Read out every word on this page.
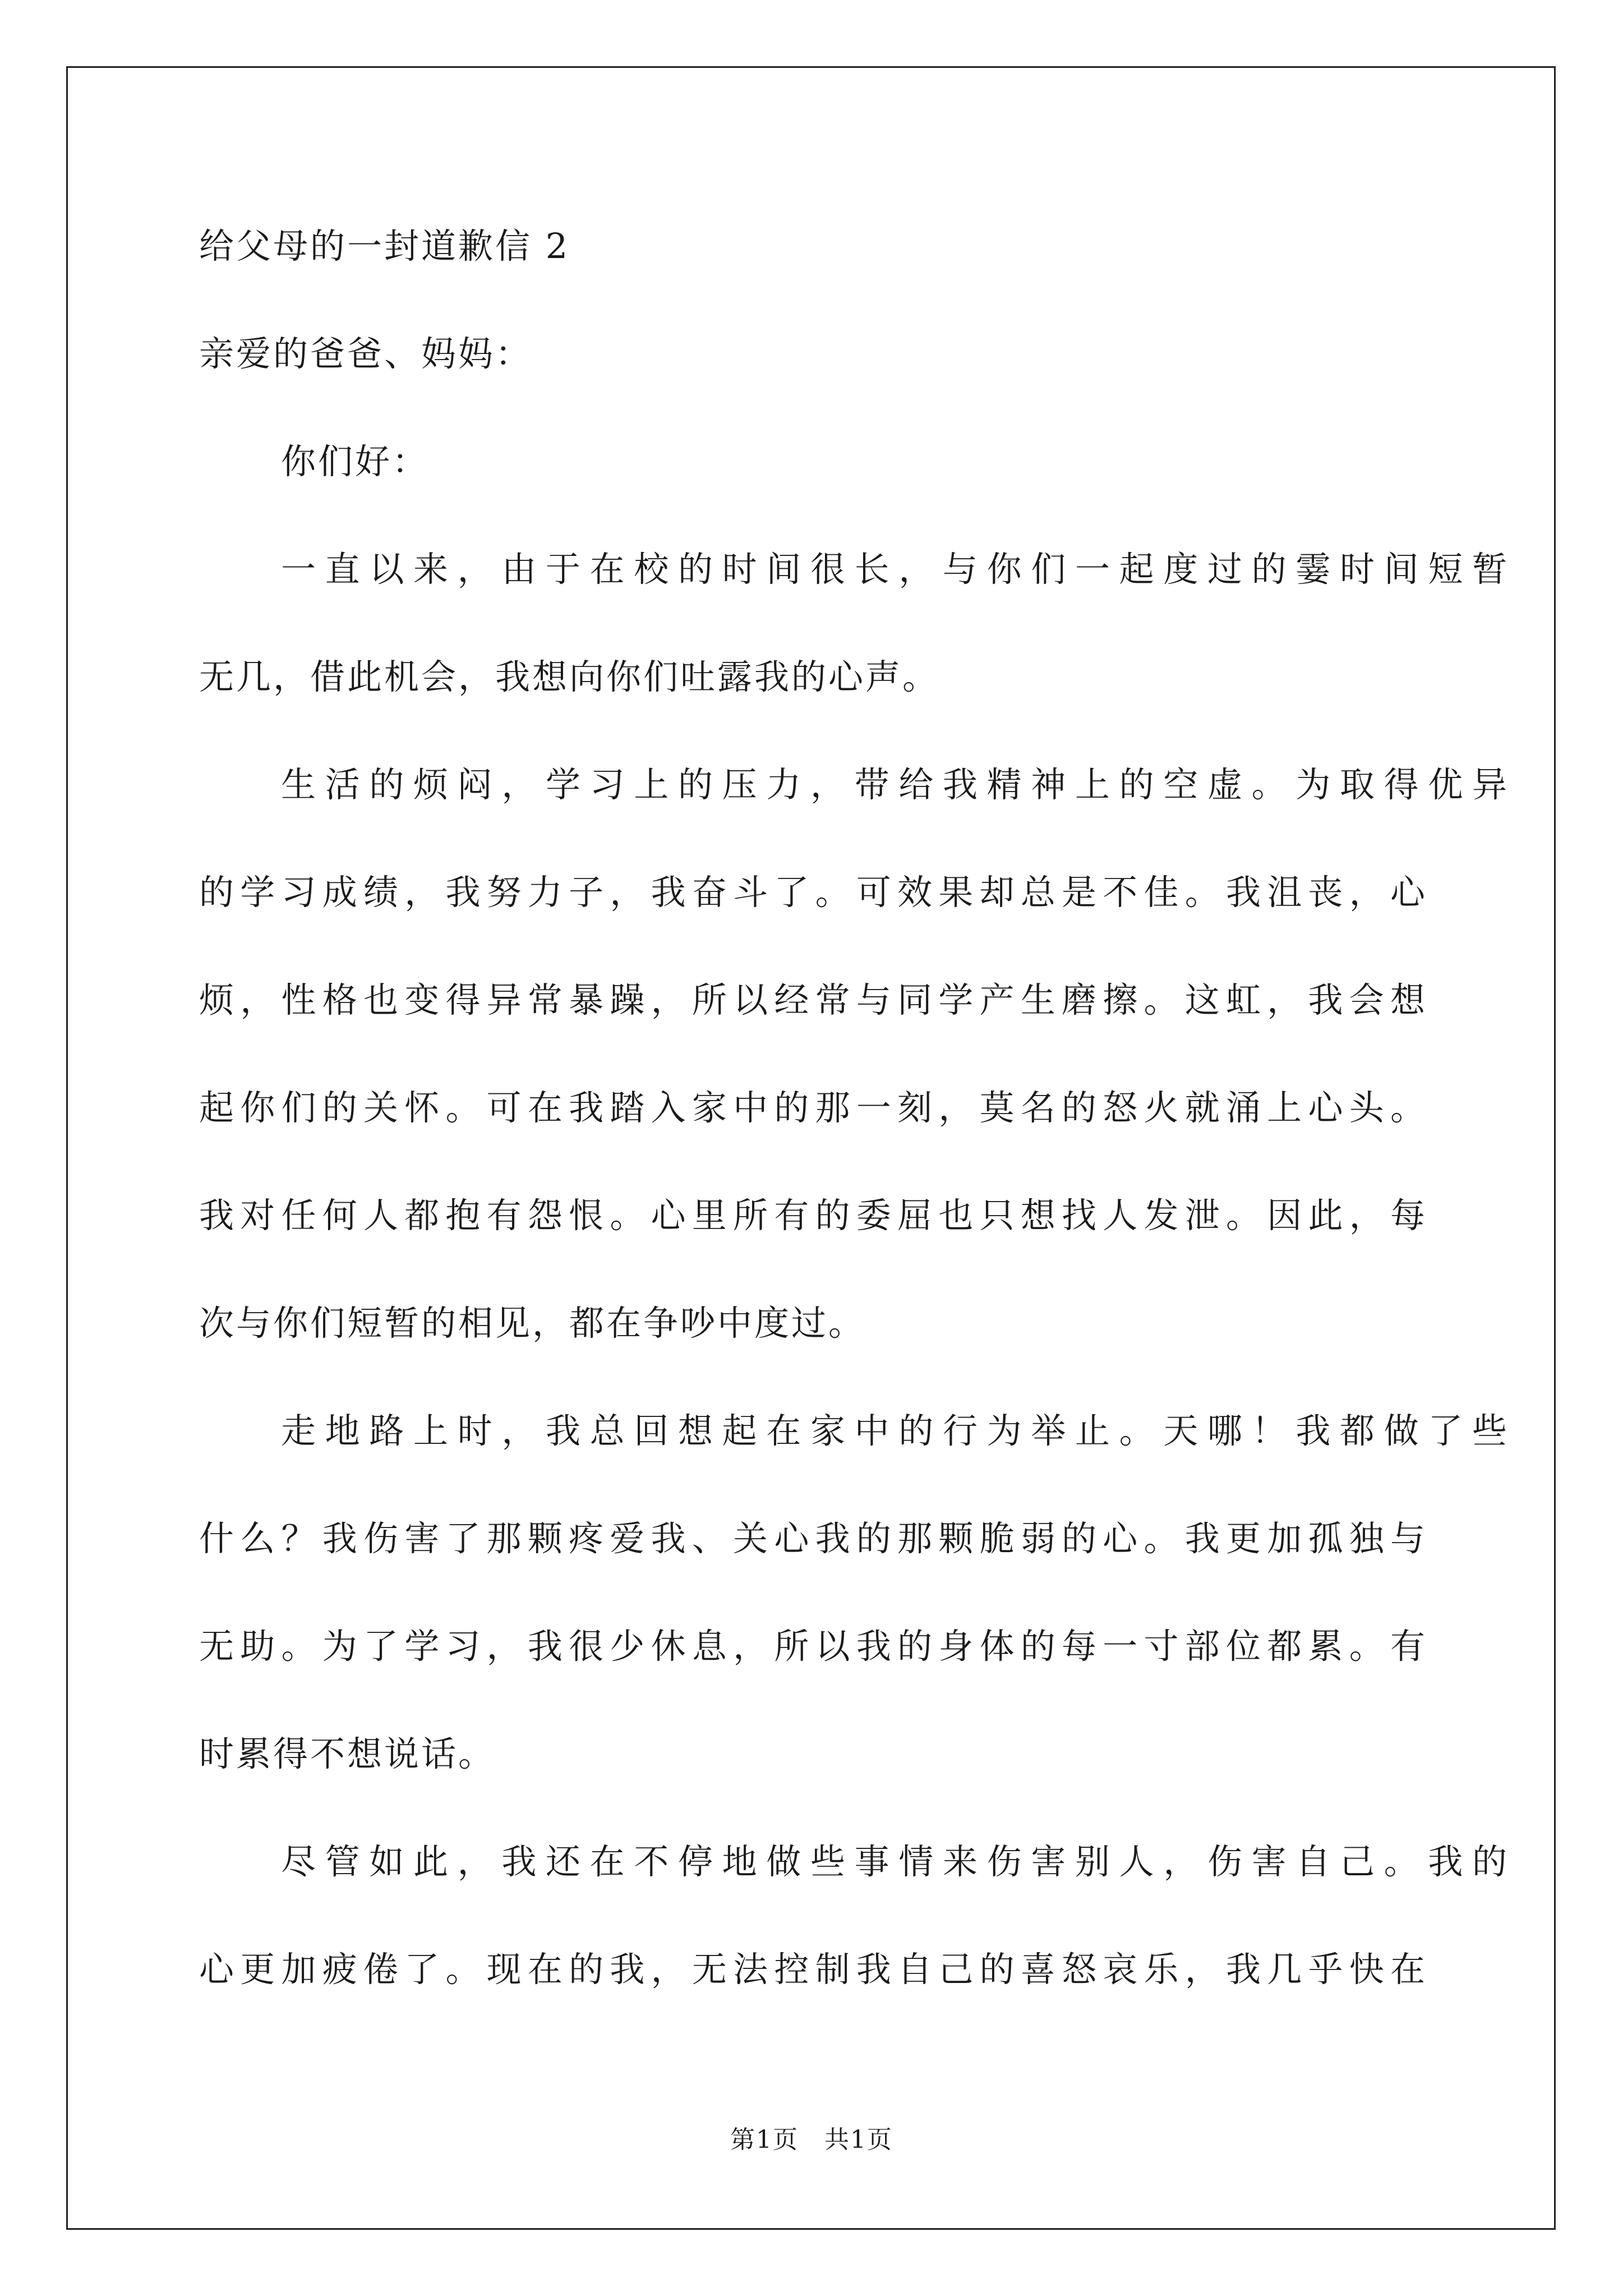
给父母的一封道歉信 2
亲爱的爸爸、妈妈：
你们好：
一直以来，由于在校的时间很长，与你们一起度过的霎时间短暂
无几，借此机会，我想向你们吐露我的心声。
生活的烦闷，学习上的压力，带给我精神上的空虚。为取得优异
的学习成绩，我努力子，我奋斗了。可效果却总是不佳。我沮丧，心
烦，性格也变得异常暴躁，所以经常与同学产生磨擦。这虹，我会想
起你们的关怀。可在我踏入家中的那一刻，莫名的怒火就涌上心头。
我对任何人都抱有怨恨。心里所有的委屈也只想找人发泄。因此，每
次与你们短暂的相见，都在争吵中度过。
走地路上时，我总回想起在家中的行为举止。天哪！我都做了些
什么？我伤害了那颗疼爱我、关心我的那颗脆弱的心。我更加孤独与
无助。为了学习，我很少休息，所以我的身体的每一寸部位都累。有
时累得不想说话。
尽管如此，我还在不停地做些事情来伤害别人，伤害自己。我的
心更加疲倦了。现在的我，无法控制我自己的喜怒哀乐，我几乎快在
第1页　共1页
